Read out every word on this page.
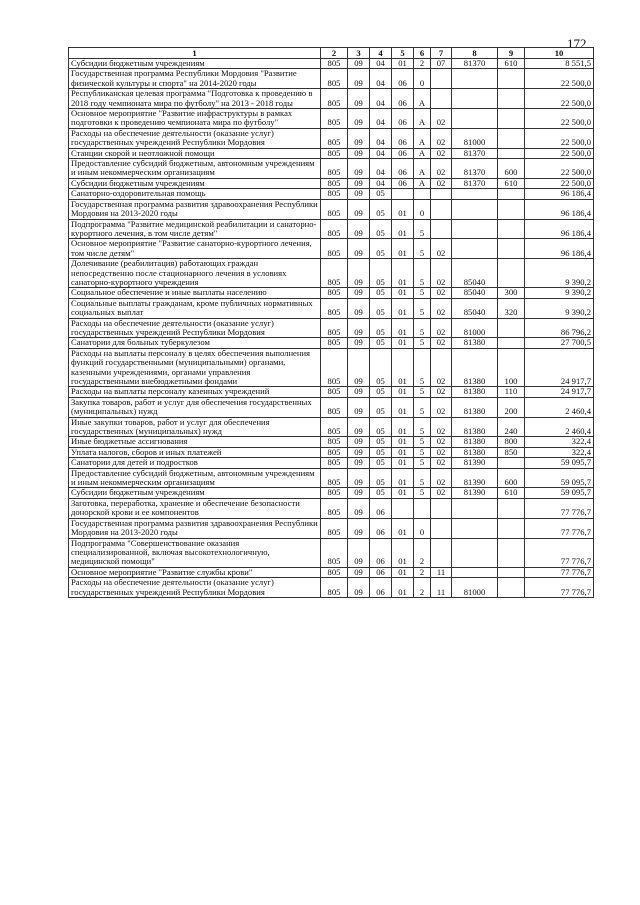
172
1	2	3	4	5	6	7	8	9	10
Субсидии бюджетным учреждениям	805	09	04	01	2	07	81370	610	8 551,5
Государственная программа Республики Мордовия "Развитие физической культуры и спорта" на 2014-2020 годы	805	09	04	06	0				22 500,0
Республиканская целевая программа "Подготовка к проведению в 2018 году чемпионата мира по футболу" на 2013 - 2018 годы	805	09	04	06	А				22 500,0
Основное мероприятие "Развитие инфраструктуры в рамках подготовки к проведению чемпионата мира по футболу"	805	09	04	06	А	02			22 500,0
Расходы на обеспечение деятельности (оказание услуг) государственных учреждений Республики Мордовия	805	09	04	06	А	02	81000		22 500,0
Станции скорой и неотложной помощи	805	09	04	06	А	02	81370		22 500,0
Предоставление субсидий бюджетным, автономным учреждениям и иным некоммерческим организациям	805	09	04	06	А	02	81370	600	22 500,0
Субсидии бюджетным учреждениям	805	09	04	06	А	02	81370	610	22 500,0
Санаторно-оздоровительная помощь	805	09	05						96 186,4
Государственная программа развития здравоохранения Республики Мордовия на 2013-2020 годы	805	09	05	01	0				96 186,4
Подпрограмма "Развитие медицинской реабилитации и санаторно-курортного лечения, в том числе детям"	805	09	05	01	5				96 186,4
Основное мероприятие "Развитие санаторно-курортного лечения, том числе детям"	805	09	05	01	5	02			96 186,4
Долечивание (реабилитация) работающих граждан непосредственно после стационарного лечения в условиях санаторно-курортного учреждения	805	09	05	01	5	02	85040		9 390,2
Социальное обеспечение и иные выплаты населению	805	09	05	01	5	02	85040	300	9 390,2
Социальные выплаты гражданам, кроме публичных нормативных социальных выплат	805	09	05	01	5	02	85040	320	9 390,2
Расходы на обеспечение деятельности (оказание услуг) государственных учреждений Республики Мордовия	805	09	05	01	5	02	81000		86 796,2
Санатории для больных туберкулезом	805	09	05	01	5	02	81380		27 700,5
Расходы на выплаты персоналу в целях обеспечения выполнения функций государственными (муниципальными) органами, казенными учреждениями, органами управления государственными внебюджетными фондами	805	09	05	01	5	02	81380	100	24 917,7
Расходы на выплаты персоналу казенных учреждений	805	09	05	01	5	02	81380	110	24 917,7
Закупка товаров, работ и услуг для обеспечения государственных (муниципальных) нужд	805	09	05	01	5	02	81380	200	2 460,4
Иные закупки товаров, работ и услуг для обеспечения государственных (муниципальных) нужд	805	09	05	01	5	02	81380	240	2 460,4
Иные бюджетные ассигнования	805	09	05	01	5	02	81380	800	322,4
Уплата налогов, сборов и иных платежей	805	09	05	01	5	02	81380	850	322,4
Санатории для детей и подростков	805	09	05	01	5	02	81390		59 095,7
Предоставление субсидий бюджетным, автономным учреждениям и иным некоммерческим организациям	805	09	05	01	5	02	81390	600	59 095,7
Субсидии бюджетным учреждениям	805	09	05	01	5	02	81390	610	59 095,7
Заготовка, переработка, хранение и обеспечение безопасности донорской крови и ее компонентов	805	09	06						77 776,7
Государственная программа развития здравоохранения Республики Мордовия на 2013-2020 годы	805	09	06	01	0				77 776,7
Подпрограмма "Совершенствование оказания специализированной, включая высокотехнологичную, медицинской помощи"	805	09	06	01	2				77 776,7
Основное мероприятие "Развитие службы крови"	805	09	06	01	2	11			77 776,7
Расходы на обеспечение деятельности (оказание услуг) государственных учреждений Республики Мордовия	805	09	06	01	2	11	81000		77 776,7
